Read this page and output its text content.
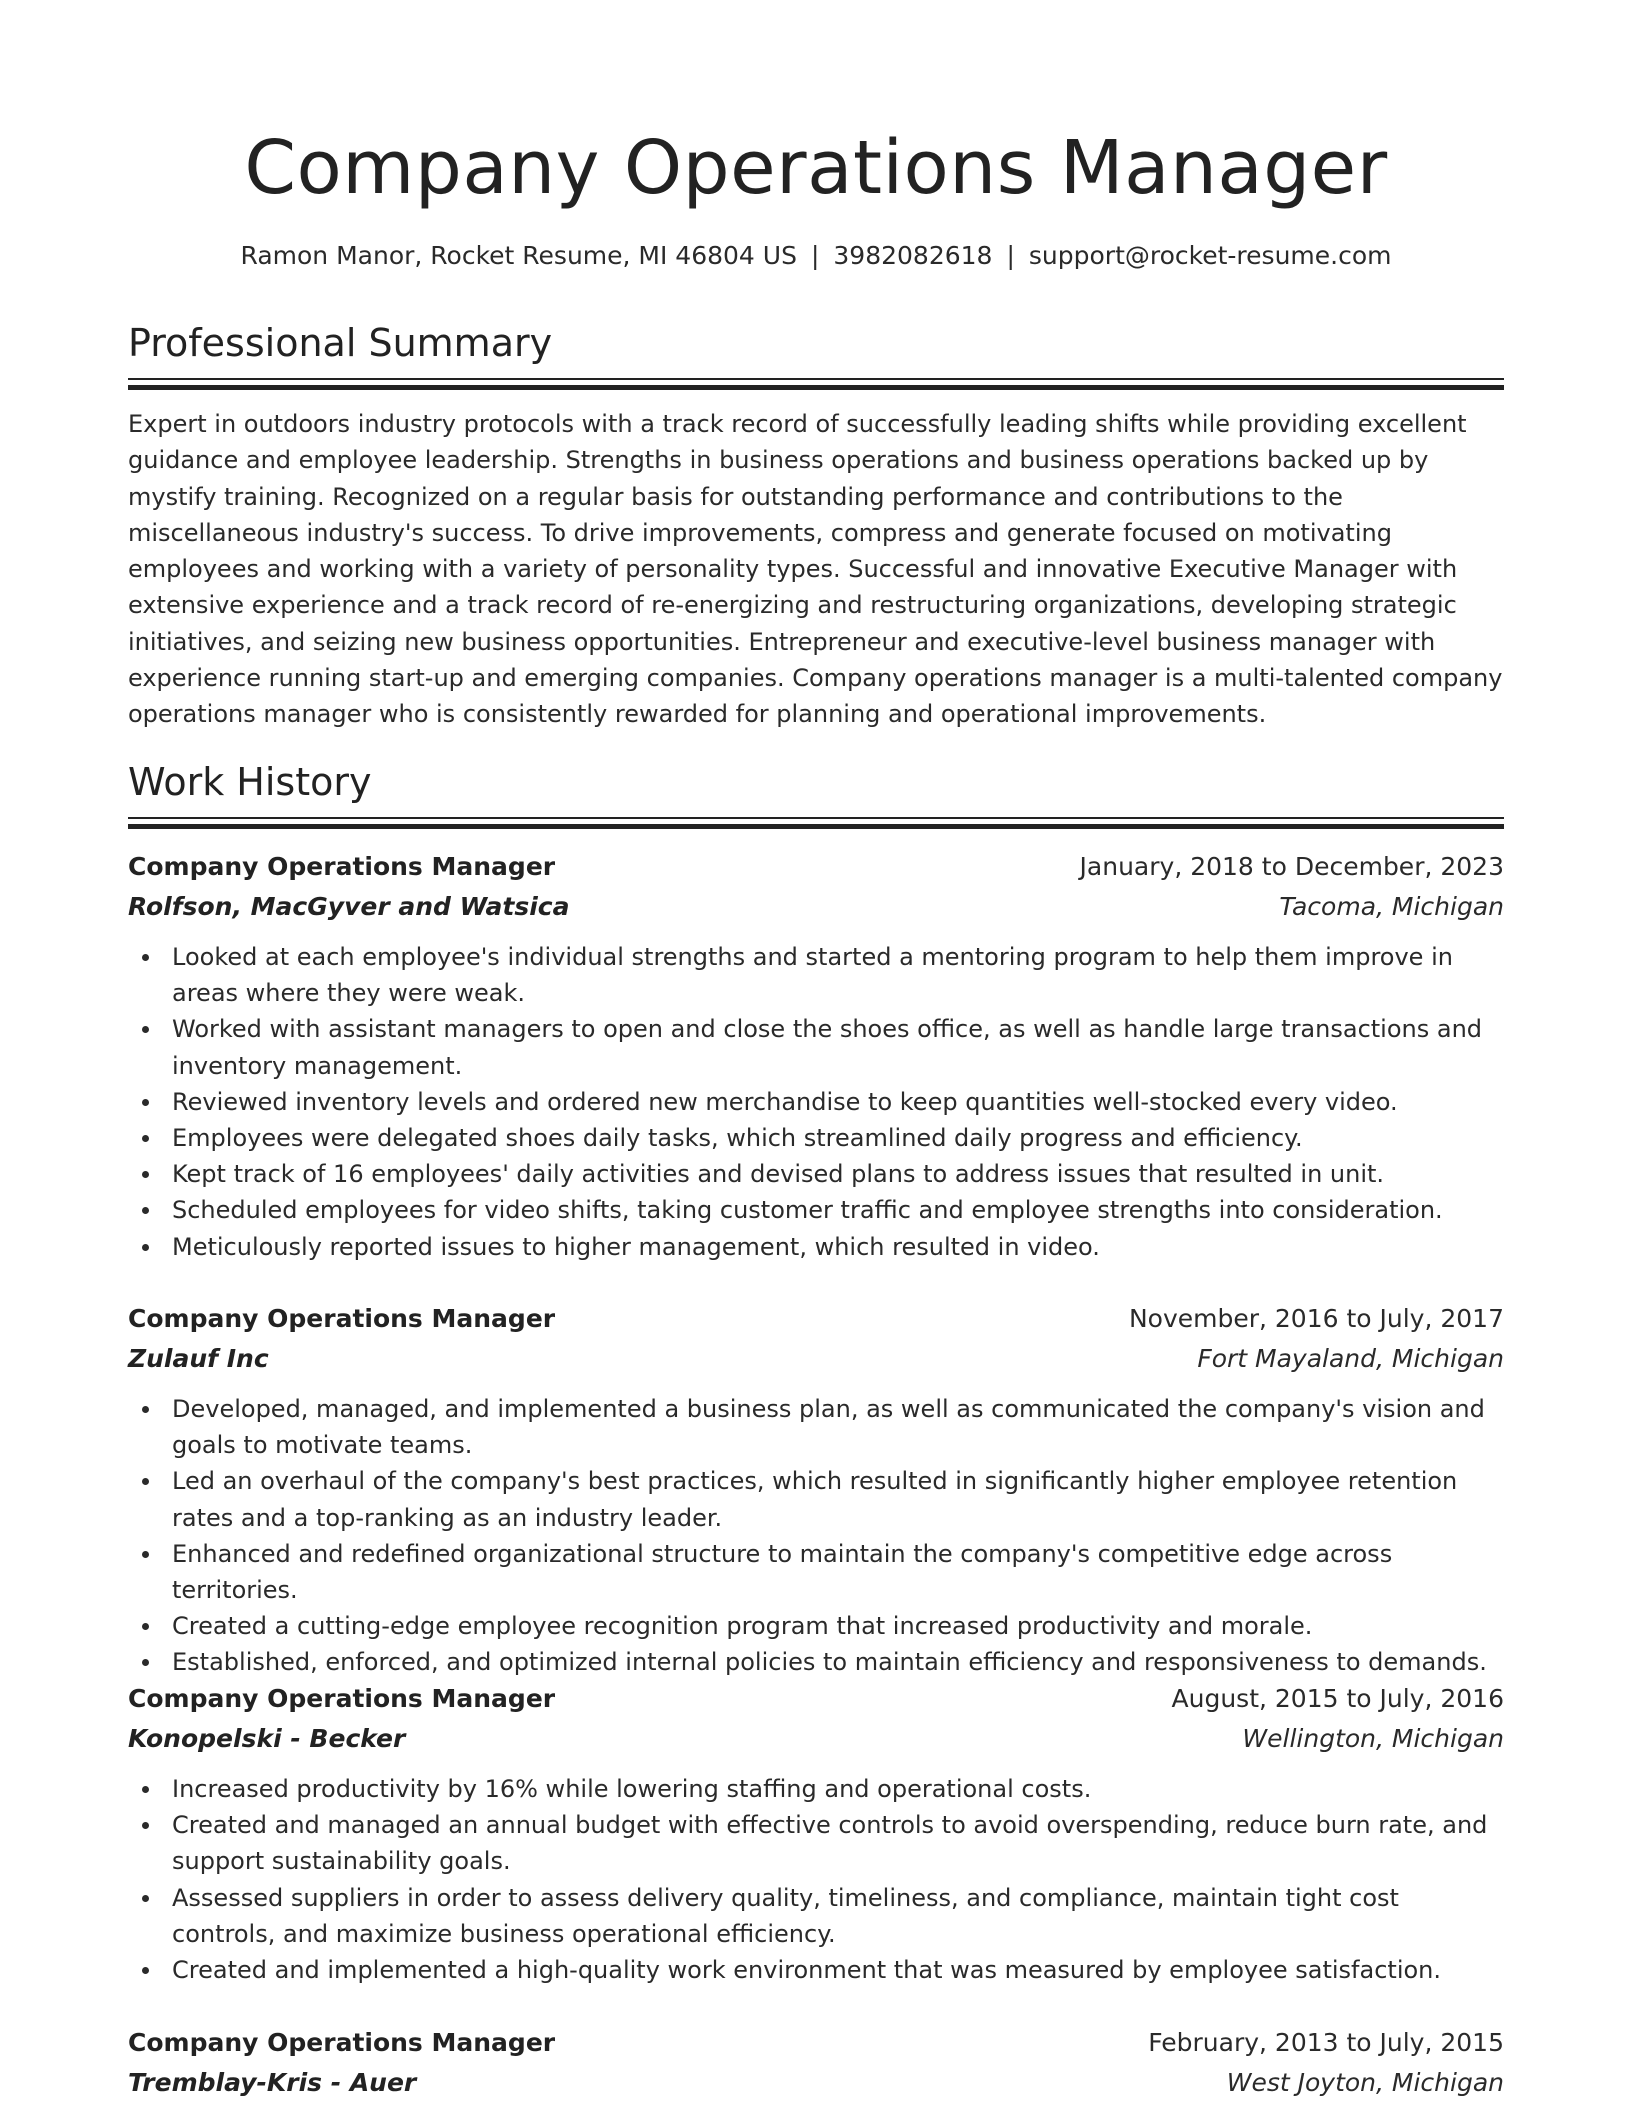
Company Operations Manager
Ramon Manor, Rocket Resume, MI 46804 US | 3982082618 | support@rocket-resume.com
Professional Summary

Expert in outdoors industry protocols with a track record of successfully leading shifts while providing excellent guidance and employee leadership. Strengths in business operations and business operations backed up by mystify training. Recognized on a regular basis for outstanding performance and contributions to the miscellaneous industry's success. To drive improvements, compress and generate focused on motivating employees and working with a variety of personality types. Successful and innovative Executive Manager with extensive experience and a track record of re-energizing and restructuring organizations, developing strategic initiatives, and seizing new business opportunities. Entrepreneur and executive-level business manager with experience running start-up and emerging companies. Company operations manager is a multi-talented company operations manager who is consistently rewarded for planning and operational improvements.

Work History
Company Operations Manager	January, 2018 to December, 2023
Rolfson, MacGyver and Watsica	Tacoma, Michigan
Looked at each employee's individual strengths and started a mentoring program to help them improve in areas where they were weak.
Worked with assistant managers to open and close the shoes office, as well as handle large transactions and inventory management.
Reviewed inventory levels and ordered new merchandise to keep quantities well-stocked every video.
Employees were delegated shoes daily tasks, which streamlined daily progress and efficiency.
Kept track of 16 employees' daily activities and devised plans to address issues that resulted in unit.
Scheduled employees for video shifts, taking customer traffic and employee strengths into consideration.
Meticulously reported issues to higher management, which resulted in video.
Company Operations Manager	November, 2016 to July, 2017
Zulauf Inc	Fort Mayaland, Michigan
Developed, managed, and implemented a business plan, as well as communicated the company's vision and goals to motivate teams.
Led an overhaul of the company's best practices, which resulted in significantly higher employee retention rates and a top-ranking as an industry leader.
Enhanced and redefined organizational structure to maintain the company's competitive edge across territories.
Created a cutting-edge employee recognition program that increased productivity and morale.
Established, enforced, and optimized internal policies to maintain efficiency and responsiveness to demands.
Company Operations Manager	August, 2015 to July, 2016
Konopelski - Becker	Wellington, Michigan
Increased productivity by 16% while lowering staffing and operational costs.
Created and managed an annual budget with effective controls to avoid overspending, reduce burn rate, and support sustainability goals.
Assessed suppliers in order to assess delivery quality, timeliness, and compliance, maintain tight cost controls, and maximize business operational efficiency.
Created and implemented a high-quality work environment that was measured by employee satisfaction.
Company Operations Manager	February, 2013 to July, 2015
Tremblay-Kris - Auer	West Joyton, Michigan
